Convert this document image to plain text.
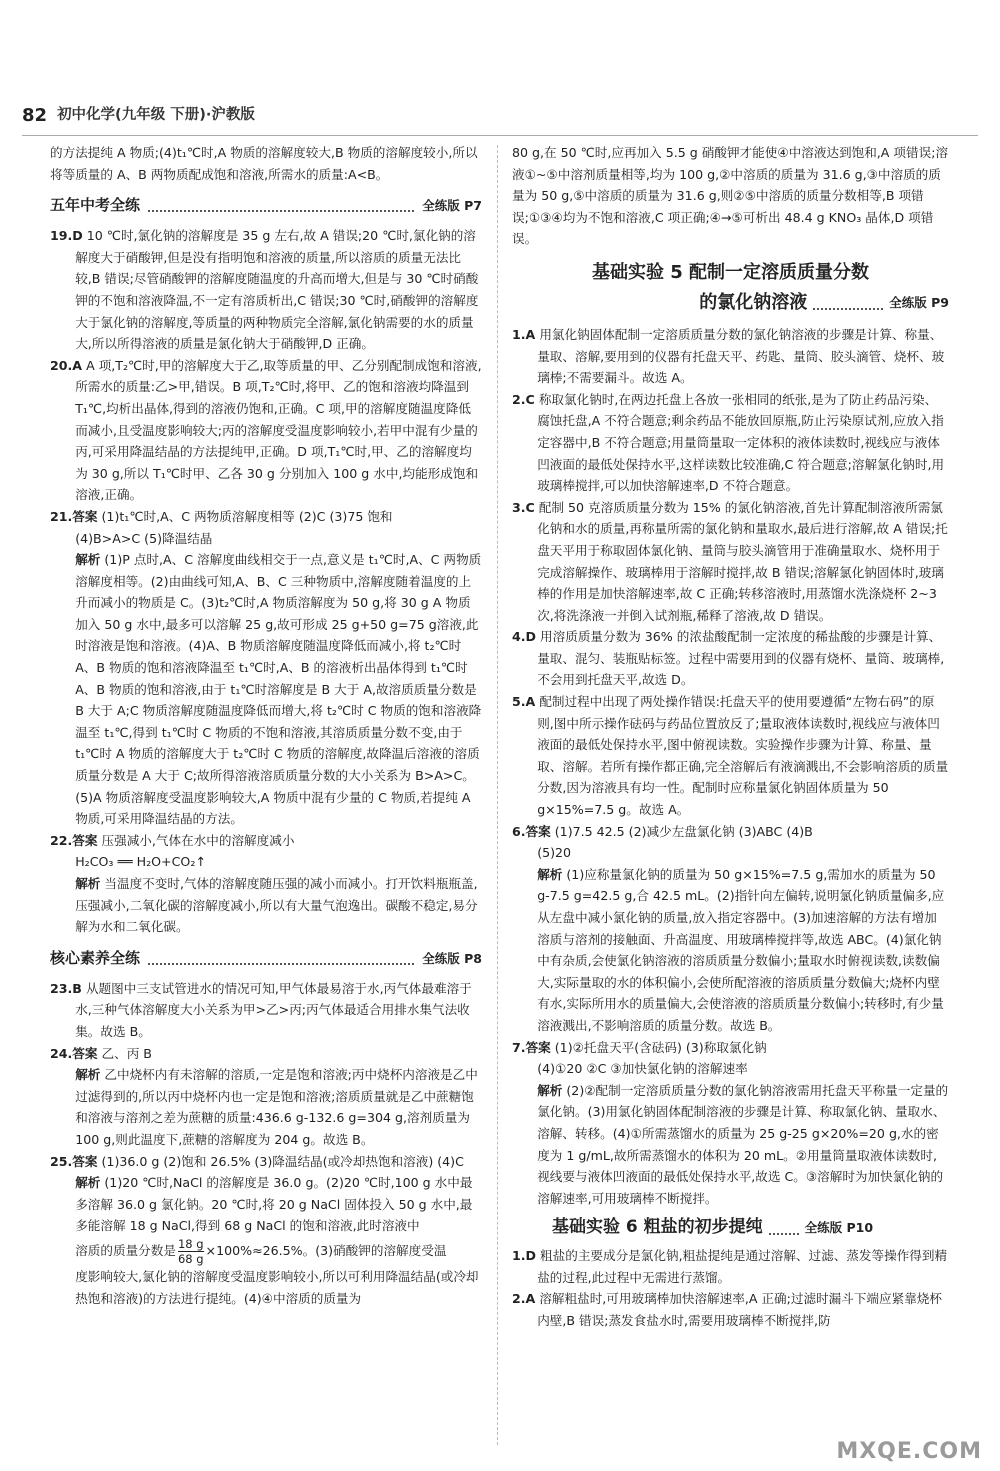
82 初中化学(九年级 下册)·沪教版

的方法提纯 A 物质;(4)t₁℃时,A 物质的溶解度较大,B 物质的溶解度较小,所以将等质量的 A、B 两物质配成饱和溶液,所需水的质量:A<B。

五年中考全练	全练版 P7

19.D 10 ℃时,氯化钠的溶解度是 35 g 左右,故 A 错误;20 ℃时,氯化钠的溶解度大于硝酸钾,但是没有指明饱和溶液的质量,所以溶质的质量无法比较,B 错误;尽管硝酸钾的溶解度随温度的升高而增大,但是与 30 ℃时硝酸钾的不饱和溶液降温,不一定有溶质析出,C 错误;30 ℃时,硝酸钾的溶解度大于氯化钠的溶解度,等质量的两种物质完全溶解,氯化钠需要的水的质量大,所以所得溶液的质量是氯化钠大于硝酸钾,D 正确。

20.A A 项,T₂℃时,甲的溶解度大于乙,取等质量的甲、乙分别配制成饱和溶液,所需水的质量:乙>甲,错误。B 项,T₂℃时,将甲、乙的饱和溶液均降温到 T₁℃,均析出晶体,得到的溶液仍饱和,正确。C 项,甲的溶解度随温度降低而减小,且受温度影响较大;丙的溶解度受温度影响较小,若甲中混有少量的丙,可采用降温结晶的方法提纯甲,正确。D 项,T₁℃时,甲、乙的溶解度均为 30 g,所以 T₁℃时甲、乙各 30 g 分别加入 100 g 水中,均能形成饱和溶液,正确。

21.答案 (1)t₁℃时,A、C 两物质溶解度相等 (2)C (3)75 饱和

(4)B>A>C (5)降温结晶

解析 (1)P 点时,A、C 溶解度曲线相交于一点,意义是 t₁℃时,A、C 两物质溶解度相等。(2)由曲线可知,A、B、C 三种物质中,溶解度随着温度的上升而减小的物质是 C。(3)t₂℃时,A 物质溶解度为 50 g,将 30 g A 物质加入 50 g 水中,最多可以溶解 25 g,故可形成 25 g+50 g=75 g溶液,此时溶液是饱和溶液。(4)A、B 物质溶解度随温度降低而减小,将 t₂℃时 A、B 物质的饱和溶液降温至 t₁℃时,A、B 的溶液析出晶体得到 t₁℃时 A、B 物质的饱和溶液,由于 t₁℃时溶解度是 B 大于 A,故溶质质量分数是 B 大于 A;C 物质溶解度随温度降低而增大,将 t₂℃时 C 物质的饱和溶液降温至 t₁℃,得到 t₁℃时 C 物质的不饱和溶液,其溶质质量分数不变,由于 t₁℃时 A 物质的溶解度大于 t₂℃时 C 物质的溶解度,故降温后溶液的溶质质量分数是 A 大于 C;故所得溶液溶质质量分数的大小关系为 B>A>C。(5)A 物质溶解度受温度影响较大,A 物质中混有少量的 C 物质,若提纯 A 物质,可采用降温结晶的方法。

22.答案 压强减小,气体在水中的溶解度减小

H₂CO₃ ══ H₂O+CO₂↑

解析 当温度不变时,气体的溶解度随压强的减小而减小。打开饮料瓶瓶盖,压强减小,二氧化碳的溶解度减小,所以有大量气泡逸出。碳酸不稳定,易分解为水和二氧化碳。

核心素养全练	全练版 P8

23.B 从题图中三支试管进水的情况可知,甲气体最易溶于水,丙气体最难溶于水,三种气体溶解度大小关系为甲>乙>丙;丙气体最适合用排水集气法收集。故选 B。

24.答案 乙、丙 B

解析 乙中烧杯内有未溶解的溶质,一定是饱和溶液;丙中烧杯内溶液是乙中过滤得到的,所以丙中烧杯内也一定是饱和溶液;溶质质量就是乙中蔗糖饱和溶液与溶剂之差为蔗糖的质量:436.6 g-132.6 g=304 g,溶剂质量为 100 g,则此温度下,蔗糖的溶解度为 204 g。故选 B。

25.答案 (1)36.0 g (2)饱和 26.5% (3)降温结晶(或冷却热饱和溶液) (4)C

解析 (1)20 ℃时,NaCl 的溶解度是 36.0 g。(2)20 ℃时,100 g 水中最多溶解 36.0 g 氯化钠。20 ℃时,将 20 g NaCl 固体投入 50 g 水中,最多能溶解 18 g NaCl,得到 68 g NaCl 的饱和溶液,此时溶液中

溶质的质量分数是 $\frac{18 g}{68 g} \times 100\%\approx 26.5\%$。(3)硝酸钾的溶解度受温

度影响较大,氯化钠的溶解度受温度影响较小,所以可利用降温结晶(或冷却热饱和溶液)的方法进行提纯。(4)④中溶质的质量为

80 g,在 50 ℃时,应再加入 5.5 g 硝酸钾才能使④中溶液达到饱和,A 项错误;溶液①~⑤中溶剂质量相等,均为 100 g,②中溶质的质量为 31.6 g,③中溶质的质量为 50 g,⑤中溶质的质量为 31.6 g,则②⑤中溶质的质量分数相等,B 项错误;①③④均为不饱和溶液,C 项正确;④→⑤可析出 48.4 g KNO₃ 晶体,D 项错误。

基础实验 5 配制一定溶质质量分数
的氯化钠溶液	全练版 P9

1.A 用氯化钠固体配制一定溶质质量分数的氯化钠溶液的步骤是计算、称量、量取、溶解,要用到的仪器有托盘天平、药匙、量筒、胶头滴管、烧杯、玻璃棒;不需要漏斗。故选 A。

2.C 称取氯化钠时,在两边托盘上各放一张相同的纸张,是为了防止药品污染、腐蚀托盘,A 不符合题意;剩余药品不能放回原瓶,防止污染原试剂,应放入指定容器中,B 不符合题意;用量筒量取一定体积的液体读数时,视线应与液体凹液面的最低处保持水平,这样读数比较准确,C 符合题意;溶解氯化钠时,用玻璃棒搅拌,可以加快溶解速率,D 不符合题意。

3.C 配制 50 克溶质质量分数为 15% 的氯化钠溶液,首先计算配制溶液所需氯化钠和水的质量,再称量所需的氯化钠和量取水,最后进行溶解,故 A 错误;托盘天平用于称取固体氯化钠、量筒与胶头滴管用于准确量取水、烧杯用于完成溶解操作、玻璃棒用于溶解时搅拌,故 B 错误;溶解氯化钠固体时,玻璃棒的作用是加快溶解速率,故 C 正确;转移溶液时,用蒸馏水洗涤烧杯 2~3 次,将洗涤液一并倒入试剂瓶,稀释了溶液,故 D 错误。

4.D 用溶质质量分数为 36% 的浓盐酸配制一定浓度的稀盐酸的步骤是计算、量取、混匀、装瓶贴标签。过程中需要用到的仪器有烧杯、量筒、玻璃棒,不会用到托盘天平,故选 D。

5.A 配制过程中出现了两处操作错误:托盘天平的使用要遵循“左物右码”的原则,图中所示操作砝码与药品位置放反了;量取液体读数时,视线应与液体凹液面的最低处保持水平,图中俯视读数。实验操作步骤为计算、称量、量取、溶解。若所有操作都正确,完全溶解后有液滴溅出,不会影响溶质的质量分数,因为溶液具有均一性。配制时应称量氯化钠固体质量为 50 g×15%=7.5 g。故选 A。

6.答案 (1)7.5 42.5 (2)减少左盘氯化钠 (3)ABC (4)B

(5)20

解析 (1)应称量氯化钠的质量为 50 g×15%=7.5 g,需加水的质量为 50 g-7.5 g=42.5 g,合 42.5 mL。(2)指针向左偏转,说明氯化钠质量偏多,应从左盘中减小氯化钠的质量,放入指定容器中。(3)加速溶解的方法有增加溶质与溶剂的接触面、升高温度、用玻璃棒搅拌等,故选 ABC。(4)氯化钠中有杂质,会使氯化钠溶液的溶质质量分数偏小;量取水时俯视读数,读数偏大,实际量取的水的体积偏小,会使所配溶液的溶质质量分数偏大;烧杯内壁有水,实际所用水的质量偏大,会使溶液的溶质质量分数偏小;转移时,有少量溶液溅出,不影响溶质的质量分数。故选 B。

7.答案 (1)②托盘天平(含砝码) (3)称取氯化钠

(4)①20 ②C ③加快氯化钠的溶解速率

解析 (2)②配制一定溶质质量分数的氯化钠溶液需用托盘天平称量一定量的氯化钠。(3)用氯化钠固体配制溶液的步骤是计算、称取氯化钠、量取水、溶解、转移。(4)①所需蒸馏水的质量为 25 g-25 g×20%=20 g,水的密度为 1 g/mL,故所需蒸馏水的体积为 20 mL。②用量筒量取液体读数时,视线要与液体凹液面的最低处保持水平,故选 C。③溶解时为加快氯化钠的溶解速率,可用玻璃棒不断搅拌。

基础实验 6 粗盐的初步提纯	全练版 P10

1.D 粗盐的主要成分是氯化钠,粗盐提纯是通过溶解、过滤、蒸发等操作得到精盐的过程,此过程中无需进行蒸馏。

2.A 溶解粗盐时,可用玻璃棒加快溶解速率,A 正确;过滤时漏斗下端应紧靠烧杯内壁,B 错误;蒸发食盐水时,需要用玻璃棒不断搅拌,防

MXQE.COM
